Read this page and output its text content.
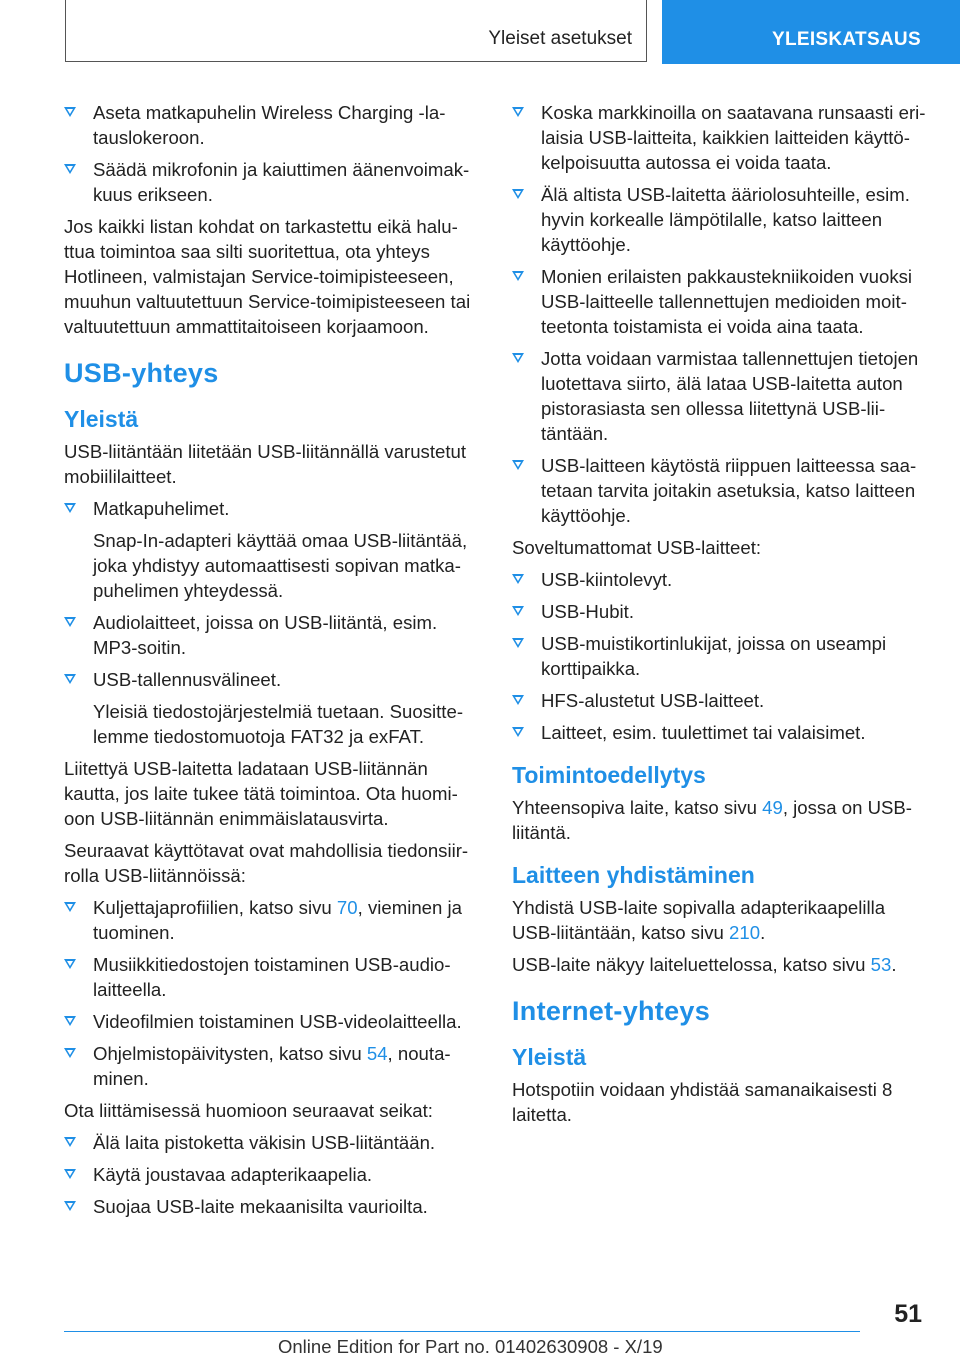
Yleiset asetukset	YLEISKATSAUS
Aseta matkapuhelin Wireless Charging -latauslokeroon.
Säädä mikrofonin ja kaiuttimen äänenvoimakkuus erikseen.

Jos kaikki listan kohdat on tarkastettu eikä haluttua toimintoa saa silti suoritettua, ota yhteys Hotlineen, valmistajan Service-toimipisteeseen, muuhun valtuutettuun Service-toimipisteeseen tai valtuutettuun ammattitaitoiseen korjaamoon.

USB-yhteys
Yleistä

USB-liitäntään liitetään USB-liitännällä varustetut mobiililaitteet.

Matkapuhelimet.

Snap-In-adapteri käyttää omaa USB-liitäntää, joka yhdistyy automaattisesti sopivan matkapuhelimen yhteydessä.

Audiolaitteet, joissa on USB-liitäntä, esim. MP3-soitin.
USB-tallennusvälineet.

Yleisiä tiedostojärjestelmiä tuetaan. Suosittelemme tiedostomuotoja FAT32 ja exFAT.

Liitettyä USB-laitetta ladataan USB-liitännän kautta, jos laite tukee tätä toimintoa. Ota huomioon USB-liitännän enimmäislatausvirta.

Seuraavat käyttötavat ovat mahdollisia tiedonsiirrolla USB-liitännöissä:

Kuljettajaprofiilien, katso sivu 70, vieminen ja tuominen.
Musiikkitiedostojen toistaminen USB-audiolaitteella.
Videofilmien toistaminen USB-videolaitteella.
Ohjelmistopäivitysten, katso sivu 54, noutaminen.

Ota liittämisessä huomioon seuraavat seikat:

Älä laita pistoketta väkisin USB-liitäntään.
Käytä joustavaa adapterikaapelia.
Suojaa USB-laite mekaanisilta vaurioilta.
Koska markkinoilla on saatavana runsaasti erilaisia USB-laitteita, kaikkien laitteiden käyttökelpoisuutta autossa ei voida taata.
Älä altista USB-laitetta ääriolosuhteille, esim. hyvin korkealle lämpötilalle, katso laitteen käyttöohje.
Monien erilaisten pakkaustekniikoiden vuoksi USB-laitteelle tallennettujen medioiden moitteetonta toistamista ei voida aina taata.
Jotta voidaan varmistaa tallennettujen tietojen luotettava siirto, älä lataa USB-laitetta auton pistorasiasta sen ollessa liitettynä USB-liitäntään.
USB-laitteen käytöstä riippuen laitteessa saatetaan tarvita joitakin asetuksia, katso laitteen käyttöohje.

Soveltumattomat USB-laitteet:

USB-kiintolevyt.
USB-Hubit.
USB-muistikortinlukijat, joissa on useampi korttipaikka.
HFS-alustetut USB-laitteet.
Laitteet, esim. tuulettimet tai valaisimet.
Toimintoedellytys

Yhteensopiva laite, katso sivu 49, jossa on USB-liitäntä.

Laitteen yhdistäminen

Yhdistä USB-laite sopivalla adapterikaapelilla USB-liitäntään, katso sivu 210.

USB-laite näkyy laiteluettelossa, katso sivu 53.

Internet-yhteys
Yleistä

Hotspotiin voidaan yhdistää samanaikaisesti 8 laitetta.

51
Online Edition for Part no. 01402630908 - X/19
